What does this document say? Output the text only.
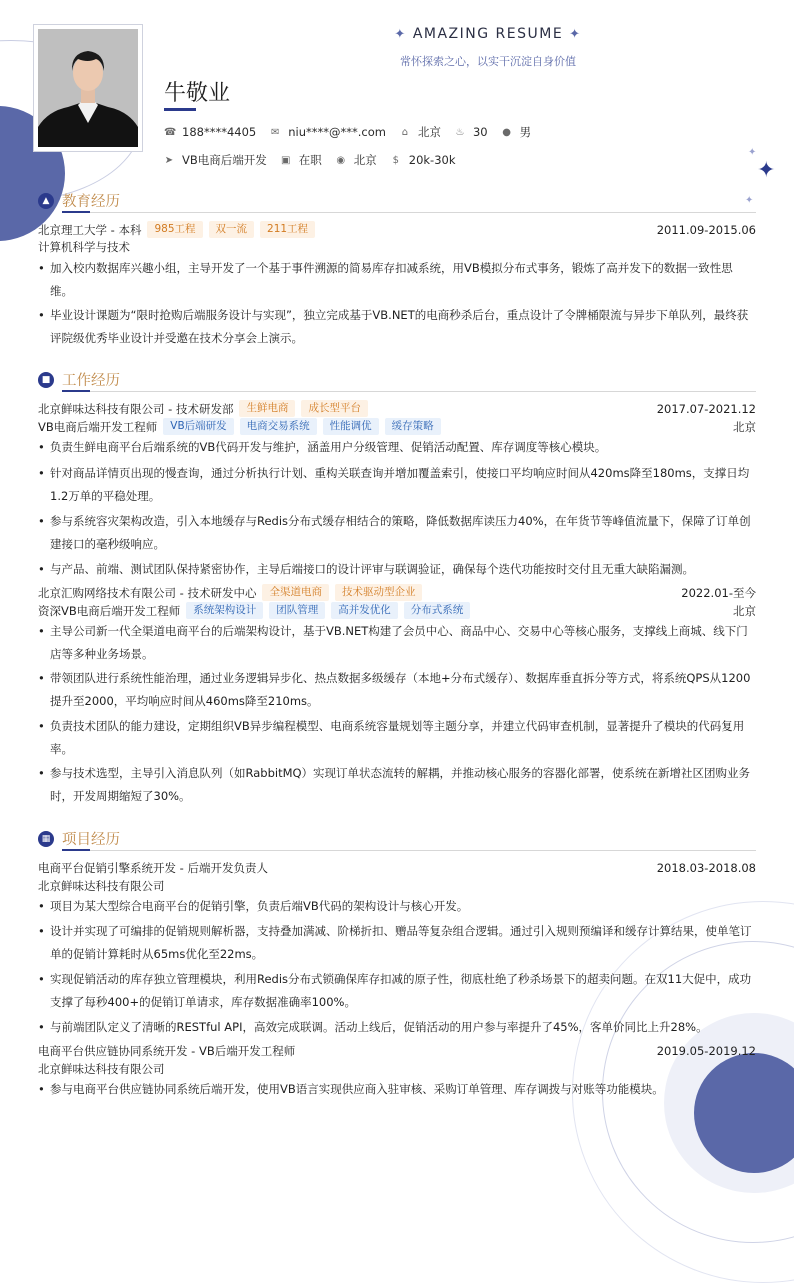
✦
✦
✦
✦ AMAZING RESUME ✦
常怀探索之心，以实干沉淀自身价值
牛敬业
☎ 188****4405 ✉ niu****@***.com ⌂ 北京 ♨ 30 ● 男
➤ VB电商后端开发 ▣ 在职 ◉ 北京 $ 20k-30k
▲ 教育经历
北京理工大学 - 本科	985工程	双一流	211工程	2011.09-2015.06
计算机科学与技术
• 加入校内数据库兴趣小组，主导开发了一个基于事件溯源的简易库存扣减系统，用VB模拟分布式事务，锻炼了高并发下的数据一致性思维。
• 毕业设计课题为“限时抢购后端服务设计与实现”，独立完成基于VB.NET的电商秒杀后台，重点设计了令牌桶限流与异步下单队列，最终获评院级优秀毕业设计并受邀在技术分享会上演示。
■ 工作经历
北京鲜味达科技有限公司 - 技术研发部	生鲜电商	成长型平台	2017.07-2021.12
VB电商后端开发工程师	VB后端研发	电商交易系统	性能调优	缓存策略	北京
• 负责生鲜电商平台后端系统的VB代码开发与维护，涵盖用户分级管理、促销活动配置、库存调度等核心模块。
• 针对商品详情页出现的慢查询，通过分析执行计划、重构关联查询并增加覆盖索引，使接口平均响应时间从420ms降至180ms，支撑日均1.2万单的平稳处理。
• 参与系统容灾架构改造，引入本地缓存与Redis分布式缓存相结合的策略，降低数据库读压力40%，在年货节等峰值流量下，保障了订单创建接口的毫秒级响应。
• 与产品、前端、测试团队保持紧密协作，主导后端接口的设计评审与联调验证，确保每个迭代功能按时交付且无重大缺陷漏测。
北京汇购网络技术有限公司 - 技术研发中心	全渠道电商	技术驱动型企业	2022.01-至今
资深VB电商后端开发工程师	系统架构设计	团队管理	高并发优化	分布式系统	北京
• 主导公司新一代全渠道电商平台的后端架构设计，基于VB.NET构建了会员中心、商品中心、交易中心等核心服务，支撑线上商城、线下门店等多种业务场景。
• 带领团队进行系统性能治理，通过业务逻辑异步化、热点数据多级缓存（本地+分布式缓存）、数据库垂直拆分等方式，将系统QPS从1200提升至2000，平均响应时间从460ms降至210ms。
• 负责技术团队的能力建设，定期组织VB异步编程模型、电商系统容量规划等主题分享，并建立代码审查机制，显著提升了模块的代码复用率。
• 参与技术选型，主导引入消息队列（如RabbitMQ）实现订单状态流转的解耦，并推动核心服务的容器化部署，使系统在新增社区团购业务时，开发周期缩短了30%。
▦ 项目经历
电商平台促销引擎系统开发 - 后端开发负责人	2018.03-2018.08
北京鲜味达科技有限公司
• 项目为某大型综合电商平台的促销引擎，负责后端VB代码的架构设计与核心开发。
• 设计并实现了可编排的促销规则解析器，支持叠加满减、阶梯折扣、赠品等复杂组合逻辑。通过引入规则预编译和缓存计算结果，使单笔订单的促销计算耗时从65ms优化至22ms。
• 实现促销活动的库存独立管理模块，利用Redis分布式锁确保库存扣减的原子性，彻底杜绝了秒杀场景下的超卖问题。在双11大促中，成功支撑了每秒400+的促销订单请求，库存数据准确率100%。
• 与前端团队定义了清晰的RESTful API，高效完成联调。活动上线后，促销活动的用户参与率提升了45%，客单价同比上升28%。
电商平台供应链协同系统开发 - VB后端开发工程师	2019.05-2019.12
北京鲜味达科技有限公司
• 参与电商平台供应链协同系统后端开发，使用VB语言实现供应商入驻审核、采购订单管理、库存调拨与对账等功能模块。
